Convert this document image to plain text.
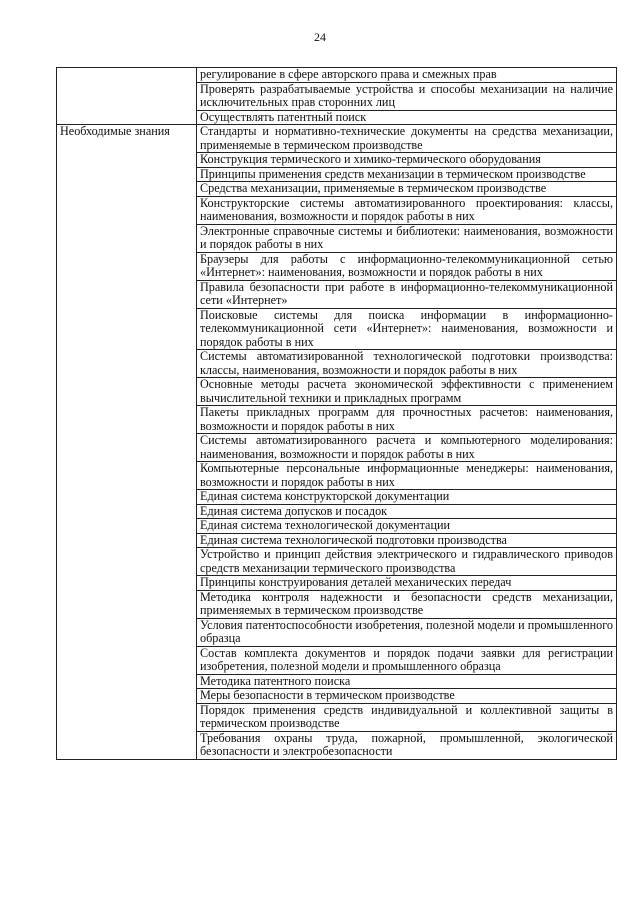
24
	регулирование в сфере авторского права и смежных прав
	Проверять разрабатываемые устройства и способы механизации на наличие исключительных прав сторонних лиц
	Осуществлять патентный поиск
Необходимые знания	Стандарты и нормативно-технические документы на средства механизации, применяемые в термическом производстве
	Конструкция термического и химико-термического оборудования
	Принципы применения средств механизации в термическом производстве
	Средства механизации, применяемые в термическом производстве
	Конструкторские системы автоматизированного проектирования: классы, наименования, возможности и порядок работы в них
	Электронные справочные системы и библиотеки: наименования, возможности и порядок работы в них
	Браузеры для работы с информационно-телекоммуникационной сетью «Интернет»: наименования, возможности и порядок работы в них
	Правила безопасности при работе в информационно-телекоммуникационной сети «Интернет»
	Поисковые системы для поиска информации в информационно-телекоммуникационной сети «Интернет»: наименования, возможности и порядок работы в них
	Системы автоматизированной технологической подготовки производства: классы, наименования, возможности и порядок работы в них
	Основные методы расчета экономической эффективности с применением вычислительной техники и прикладных программ
	Пакеты прикладных программ для прочностных расчетов: наименования, возможности и порядок работы в них
	Системы автоматизированного расчета и компьютерного моделирования: наименования, возможности и порядок работы в них
	Компьютерные персональные информационные менеджеры: наименования, возможности и порядок работы в них
	Единая система конструкторской документации
	Единая система допусков и посадок
	Единая система технологической документации
	Единая система технологической подготовки производства
	Устройство и принцип действия электрического и гидравлического приводов средств механизации термического производства
	Принципы конструирования деталей механических передач
	Методика контроля надежности и безопасности средств механизации, применяемых в термическом производстве
	Условия патентоспособности изобретения, полезной модели и промышленного образца
	Состав комплекта документов и порядок подачи заявки для регистрации изобретения, полезной модели и промышленного образца
	Методика патентного поиска
	Меры безопасности в термическом производстве
	Порядок применения средств индивидуальной и коллективной защиты в термическом производстве
	Требования охраны труда, пожарной, промышленной, экологической безопасности и электробезопасности
